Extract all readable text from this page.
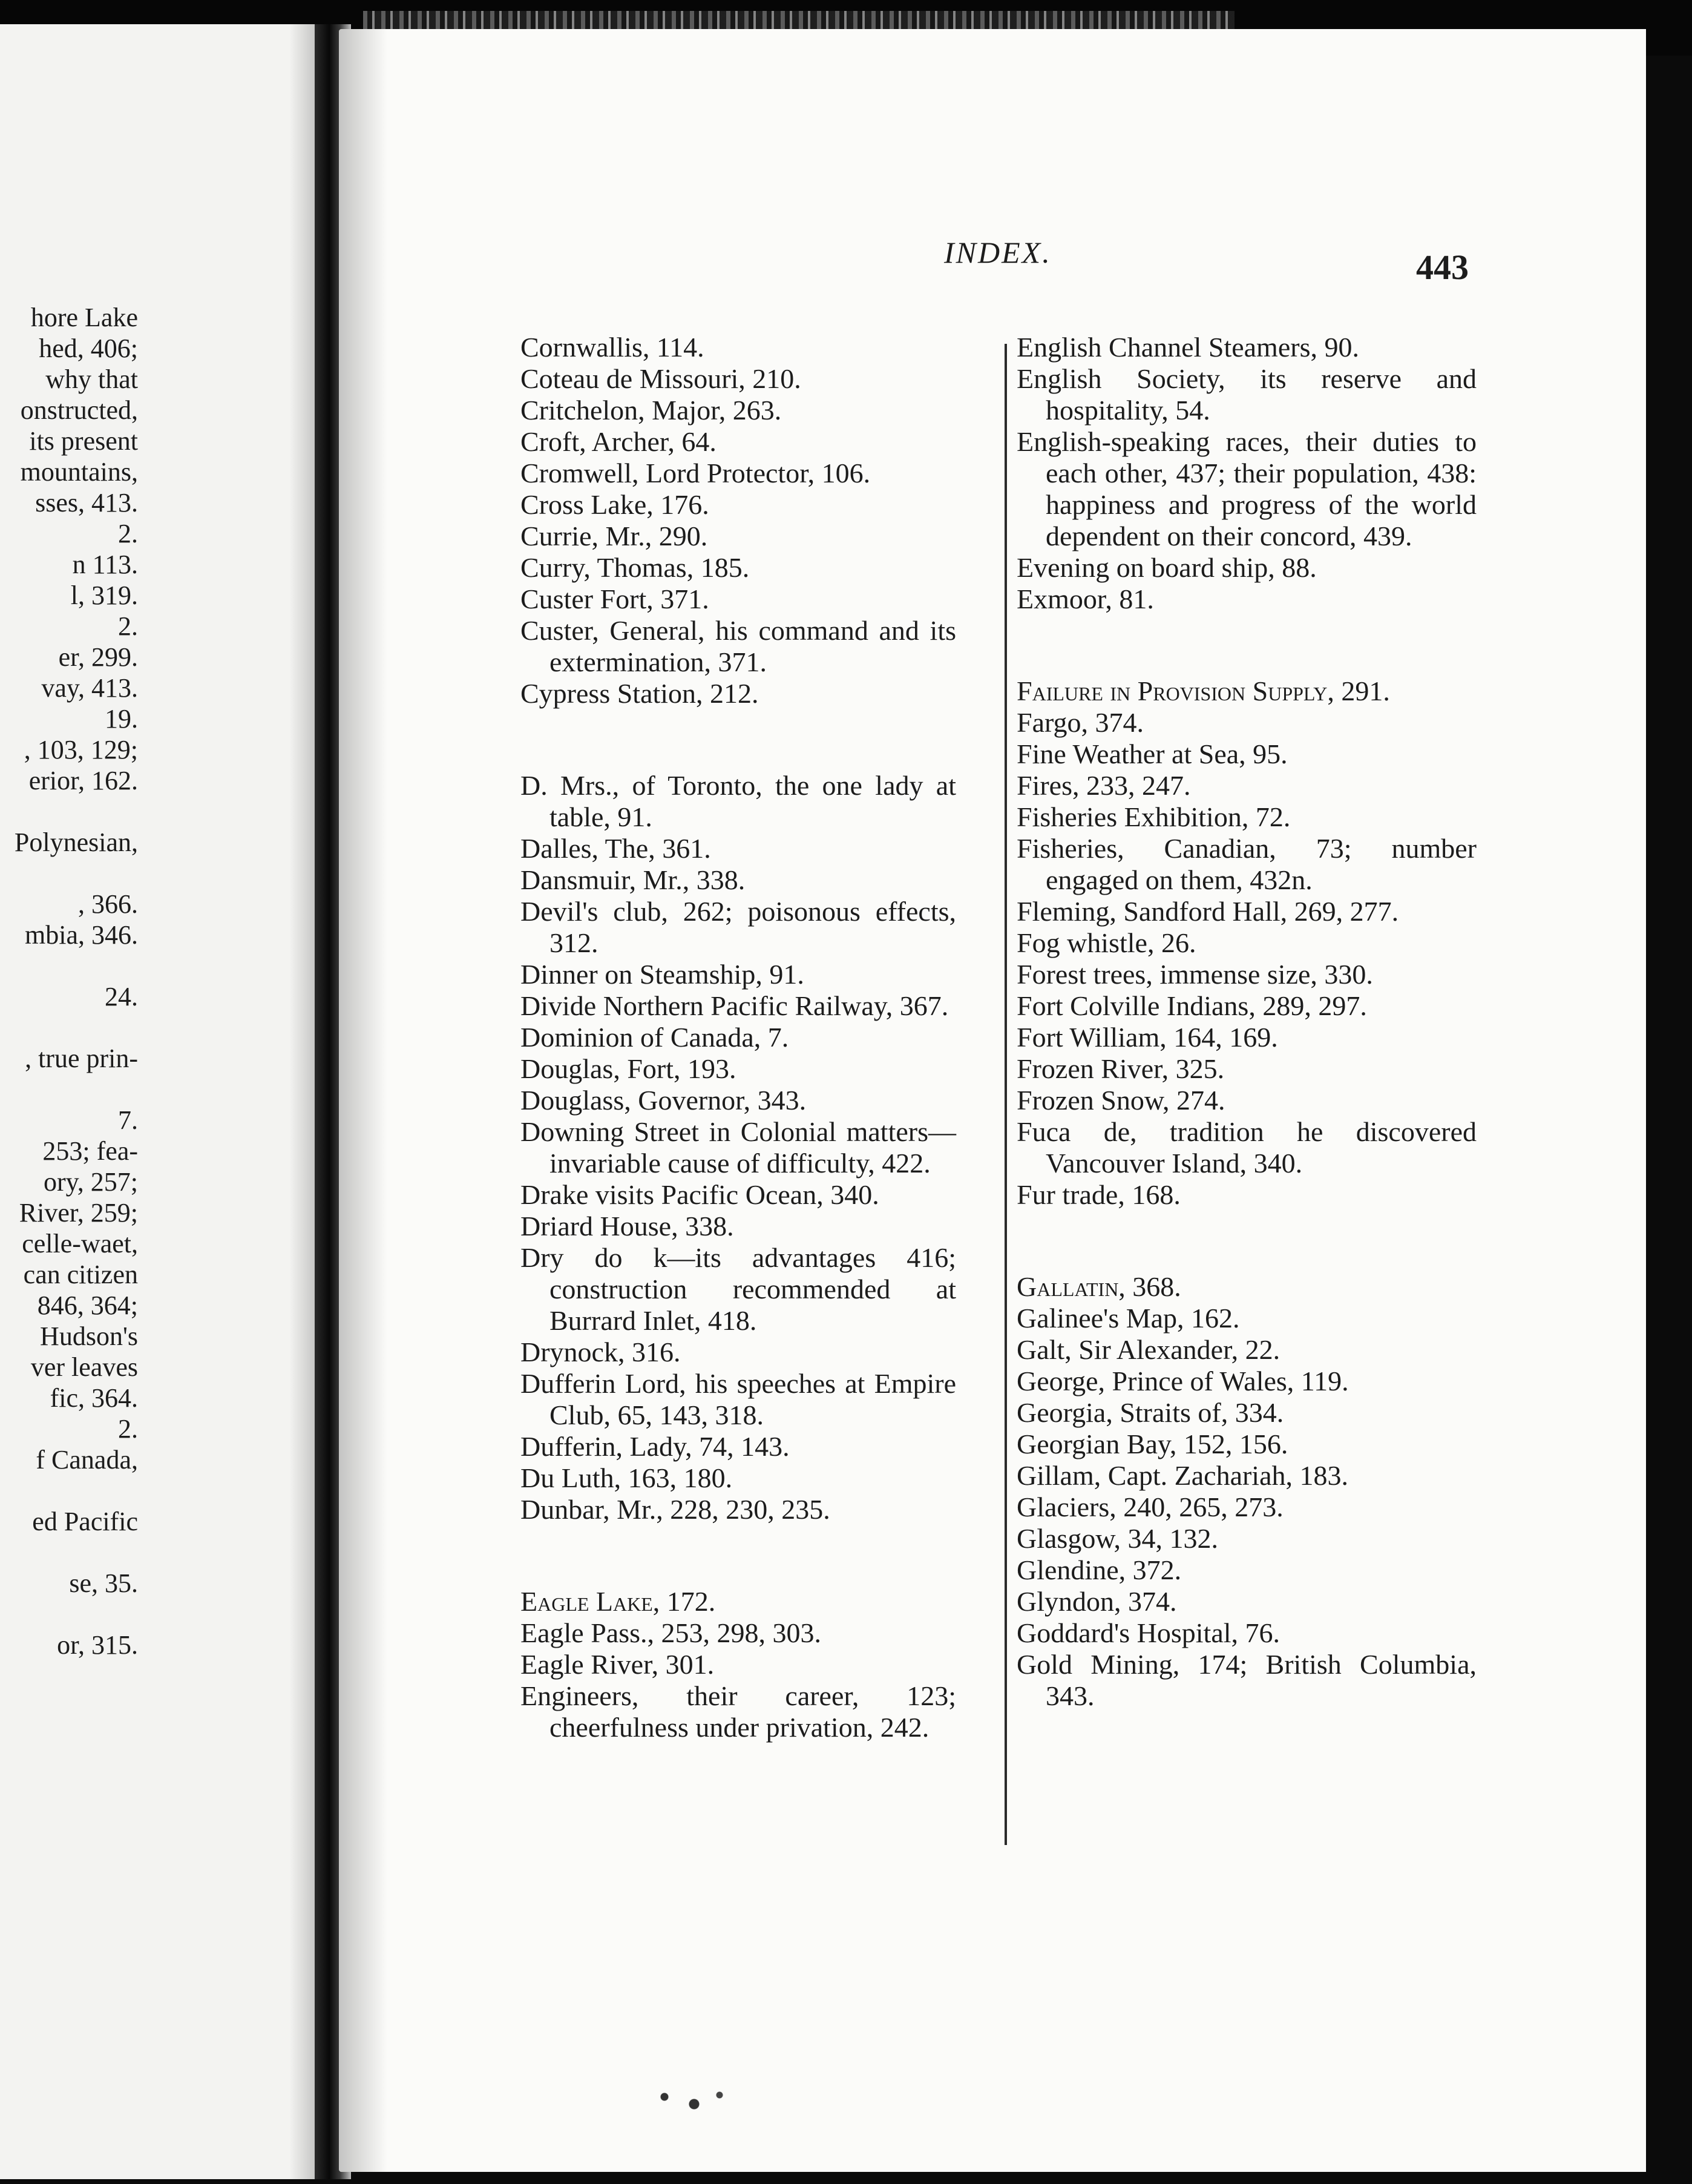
hore Lake
hed, 406;
why that
onstructed,
its present
mountains,
sses, 413.
2.
n 113.
l, 319.
2.
er, 299.
vay, 413.
19.
, 103, 129;
erior, 162.
Polynesian,
, 366.
mbia, 346.
24.
, true prin-
7.
253; fea-
ory, 257;
River, 259;
celle-waet,
can citizen
846, 364;
Hudson's
ver leaves
fic, 364.
2.
f Canada,
ed Pacific
se, 35.
or, 315.
INDEX.	443

Cornwallis, 114.

Coteau de Missouri, 210.

Critchelon, Major, 263.

Croft, Archer, 64.

Cromwell, Lord Protector, 106.

Cross Lake, 176.

Currie, Mr., 290.

Curry, Thomas, 185.

Custer Fort, 371.

Custer, General, his command and its extermination, 371.

Cypress Station, 212.

D. Mrs., of Toronto, the one lady at table, 91.

Dalles, The, 361.

Dansmuir, Mr., 338.

Devil's club, 262; poisonous effects, 312.

Dinner on Steamship, 91.

Divide Northern Pacific Railway, 367.

Dominion of Canada, 7.

Douglas, Fort, 193.

Douglass, Governor, 343.

Downing Street in Colonial matters—invariable cause of difficulty, 422.

Drake visits Pacific Ocean, 340.

Driard House, 338.

Dry do k—its advantages 416; construction recommended at Burrard Inlet, 418.

Drynock, 316.

Dufferin Lord, his speeches at Empire Club, 65, 143, 318.

Dufferin, Lady, 74, 143.

Du Luth, 163, 180.

Dunbar, Mr., 228, 230, 235.

Eagle Lake, 172.

Eagle Pass., 253, 298, 303.

Eagle River, 301.

Engineers, their career, 123; cheerfulness under privation, 242.

English Channel Steamers, 90.

English Society, its reserve and hospitality, 54.

English-speaking races, their duties to each other, 437; their population, 438: happiness and progress of the world dependent on their concord, 439.

Evening on board ship, 88.

Exmoor, 81.

Failure in Provision Supply, 291.

Fargo, 374.

Fine Weather at Sea, 95.

Fires, 233, 247.

Fisheries Exhibition, 72.

Fisheries, Canadian, 73; number engaged on them, 432n.

Fleming, Sandford Hall, 269, 277.

Fog whistle, 26.

Forest trees, immense size, 330.

Fort Colville Indians, 289, 297.

Fort William, 164, 169.

Frozen River, 325.

Frozen Snow, 274.

Fuca de, tradition he discovered Vancouver Island, 340.

Fur trade, 168.

Gallatin, 368.

Galinee's Map, 162.

Galt, Sir Alexander, 22.

George, Prince of Wales, 119.

Georgia, Straits of, 334.

Georgian Bay, 152, 156.

Gillam, Capt. Zachariah, 183.

Glaciers, 240, 265, 273.

Glasgow, 34, 132.

Glendine, 372.

Glyndon, 374.

Goddard's Hospital, 76.

Gold Mining, 174; British Columbia, 343.
